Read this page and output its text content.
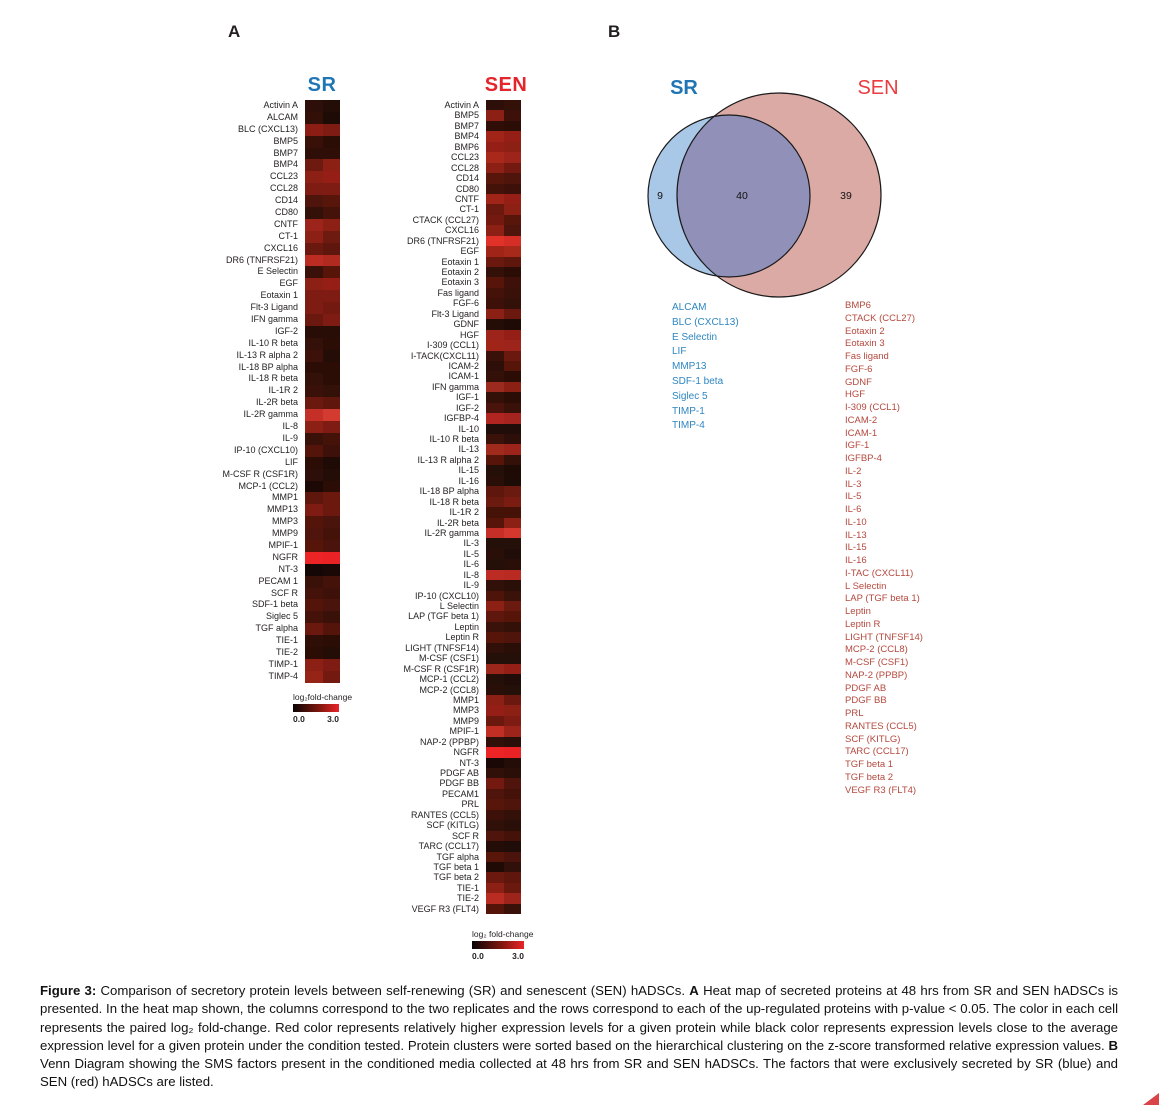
A	B
SR	SEN
Activin A
ALCAM
BLC (CXCL13)
BMP5
BMP7
BMP4
CCL23
CCL28
CD14
CD80
CNTF
CT-1
CXCL16
DR6 (TNFRSF21)
E Selectin
EGF
Eotaxin 1
Flt-3 Ligand
IFN gamma
IGF-2
IL-10 R beta
IL-13 R alpha 2
IL-18 BP alpha
IL-18 R beta
IL-1R 2
IL-2R beta
IL-2R gamma
IL-8
IL-9
IP-10 (CXCL10)
LIF
M-CSF R (CSF1R)
MCP-1 (CCL2)
MMP1
MMP13
MMP3
MMP9
MPIF-1
NGFR
NT-3
PECAM 1
SCF R
SDF-1 beta
Siglec 5
TGF alpha
TIE-1
TIE-2
TIMP-1
TIMP-4
log₂fold-change
0.0	3.0
Activin A
BMP5
BMP7
BMP4
BMP6
CCL23
CCL28
CD14
CD80
CNTF
CT-1
CTACK (CCL27)
CXCL16
DR6 (TNFRSF21)
EGF
Eotaxin 1
Eotaxin 2
Eotaxin 3
Fas ligand
FGF-6
Flt-3 Ligand
GDNF
HGF
I-309 (CCL1)
I-TACK(CXCL11)
ICAM-2
ICAM-1
IFN gamma
IGF-1
IGF-2
IGFBP-4
IL-10
IL-10 R beta
IL-13
IL-13 R alpha 2
IL-15
IL-16
IL-18 BP alpha
IL-18 R beta
IL-1R 2
IL-2R beta
IL-2R gamma
IL-3
IL-5
IL-6
IL-8
IL-9
IP-10 (CXCL10)
L Selectin
LAP (TGF beta 1)
Leptin
Leptin R
LIGHT (TNFSF14)
M-CSF (CSF1)
M-CSF R (CSF1R)
MCP-1 (CCL2)
MCP-2 (CCL8)
MMP1
MMP3
MMP9
MPIF-1
NAP-2 (PPBP)
NGFR
NT-3
PDGF AB
PDGF BB
PECAM1
PRL
RANTES (CCL5)
SCF (KITLG)
SCF R
TARC (CCL17)
TGF alpha
TGF beta 1
TGF beta 2
TIE-1
TIE-2
VEGF R3 (FLT4)
log₂ fold-change
0.0	3.0
SR	SEN
9	40	39
ALCAM
BLC (CXCL13)
E Selectin
LIF
MMP13
SDF-1 beta
Siglec 5
TIMP-1
TIMP-4
BMP6
CTACK (CCL27)
Eotaxin 2
Eotaxin 3
Fas ligand
FGF-6
GDNF
HGF
I-309 (CCL1)
ICAM-2
ICAM-1
IGF-1
IGFBP-4
IL-2
IL-3
IL-5
IL-6
IL-10
IL-13
IL-15
IL-16
I-TAC (CXCL11)
L Selectin
LAP (TGF beta 1)
Leptin
Leptin R
LIGHT (TNFSF14)
MCP-2 (CCL8)
M-CSF (CSF1)
NAP-2 (PPBP)
PDGF AB
PDGF BB
PRL
RANTES (CCL5)
SCF (KITLG)
TARC (CCL17)
TGF beta 1
TGF beta 2
VEGF R3 (FLT4)
Figure 3: Comparison of secretory protein levels between self-renewing (SR) and senescent (SEN) hADSCs. A Heat map of secreted proteins at 48 hrs from SR and SEN hADSCs is presented. In the heat map shown, the columns correspond to the two replicates and the rows correspond to each of the up-regulated proteins with p-value < 0.05. The color in each cell represents the paired log₂ fold-change. Red color represents relatively higher expression levels for a given protein while black color represents expression levels close to the average expression level for a given protein under the condition tested. Protein clusters were sorted based on the hierarchical clustering on the z-score transformed relative expression values. B Venn Diagram showing the SMS factors present in the conditioned media collected at 48 hrs from SR and SEN hADSCs. The factors that were exclusively secreted by SR (blue) and SEN (red) hADSCs are listed.
